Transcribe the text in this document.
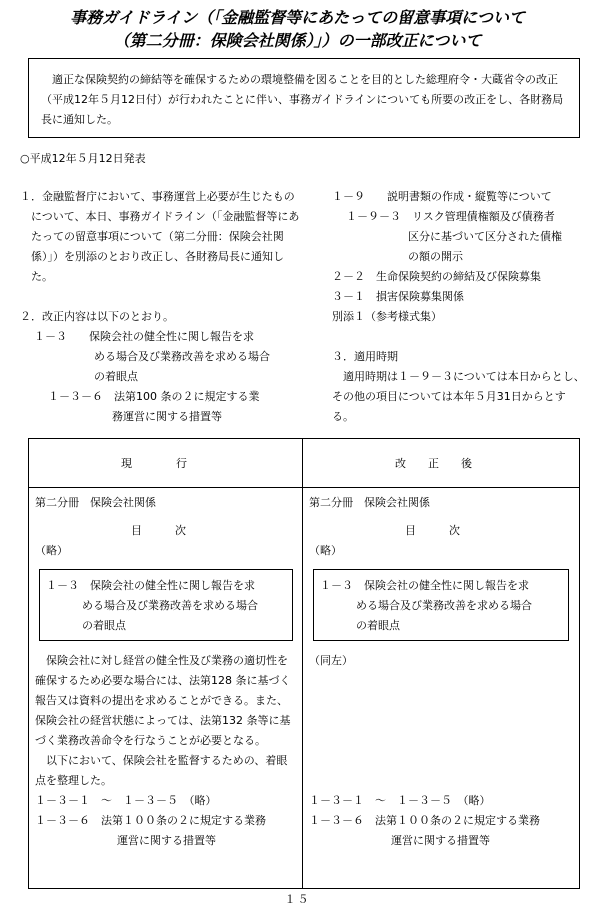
事務ガイドライン（「金融監督等にあたっての留意事項について
（第二分冊：保険会社関係）」）の一部改正について

適正な保険契約の締結等を確保するための環境整備を図ることを目的とした総理府令・大蔵省令の改正（平成12年５月12日付）が行われたことに伴い、事務ガイドラインについても所要の改正をし、各財務局長に通知した。

○平成12年５月12日発表

１．金融監督庁において、事務運営上必要が生じたものについて、本日、事務ガイドライン（「金融監督等にあたっての留意事項について（第二分冊：保険会社関係）」）を別添のとおり改正し、各財務局長に通知した。

２．改正内容は以下のとおり。

１－３　　保険会社の健全性に関し報告を求

める場合及び業務改善を求める場合

の着眼点

１－３－６　法第100 条の２に規定する業

務運営に関する措置等

１－９　　説明書類の作成・縦覧等について

１－９－３　リスク管理債権額及び債務者

区分に基づいて区分された債権

の額の開示

２－２　生命保険契約の締結及び保険募集

３－１　損害保険募集関係

別添１（参考様式集）

３．適用時期

適用時期は１－９－３については本日からとし、その他の項目については本年５月31日からとする。

現　　　　行	改　　正　　後

第二分冊　保険会社関係

目　　　次

（略）

１－３　保険会社の健全性に関し報告を求

める場合及び業務改善を求める場合

の着眼点

保険会社に対し経営の健全性及び業務の適切性を確保するため必要な場合には、法第128 条に基づく報告又は資料の提出を求めることができる。また、保険会社の経営状態によっては、法第132 条等に基づく業務改善命令を行なうことが必要となる。

以下において、保険会社を監督するための、着眼点を整理した。

１－３－１　～　１－３－５　（略）

１－３－６　法第１００条の２に規定する業務

運営に関する措置等

第二分冊　保険会社関係

目　　　次

（略）

１－３　保険会社の健全性に関し報告を求

める場合及び業務改善を求める場合

の着眼点

（同左）

１－３－１　～　１－３－５　（略）

１－３－６　法第１００条の２に規定する業務

運営に関する措置等

１５
